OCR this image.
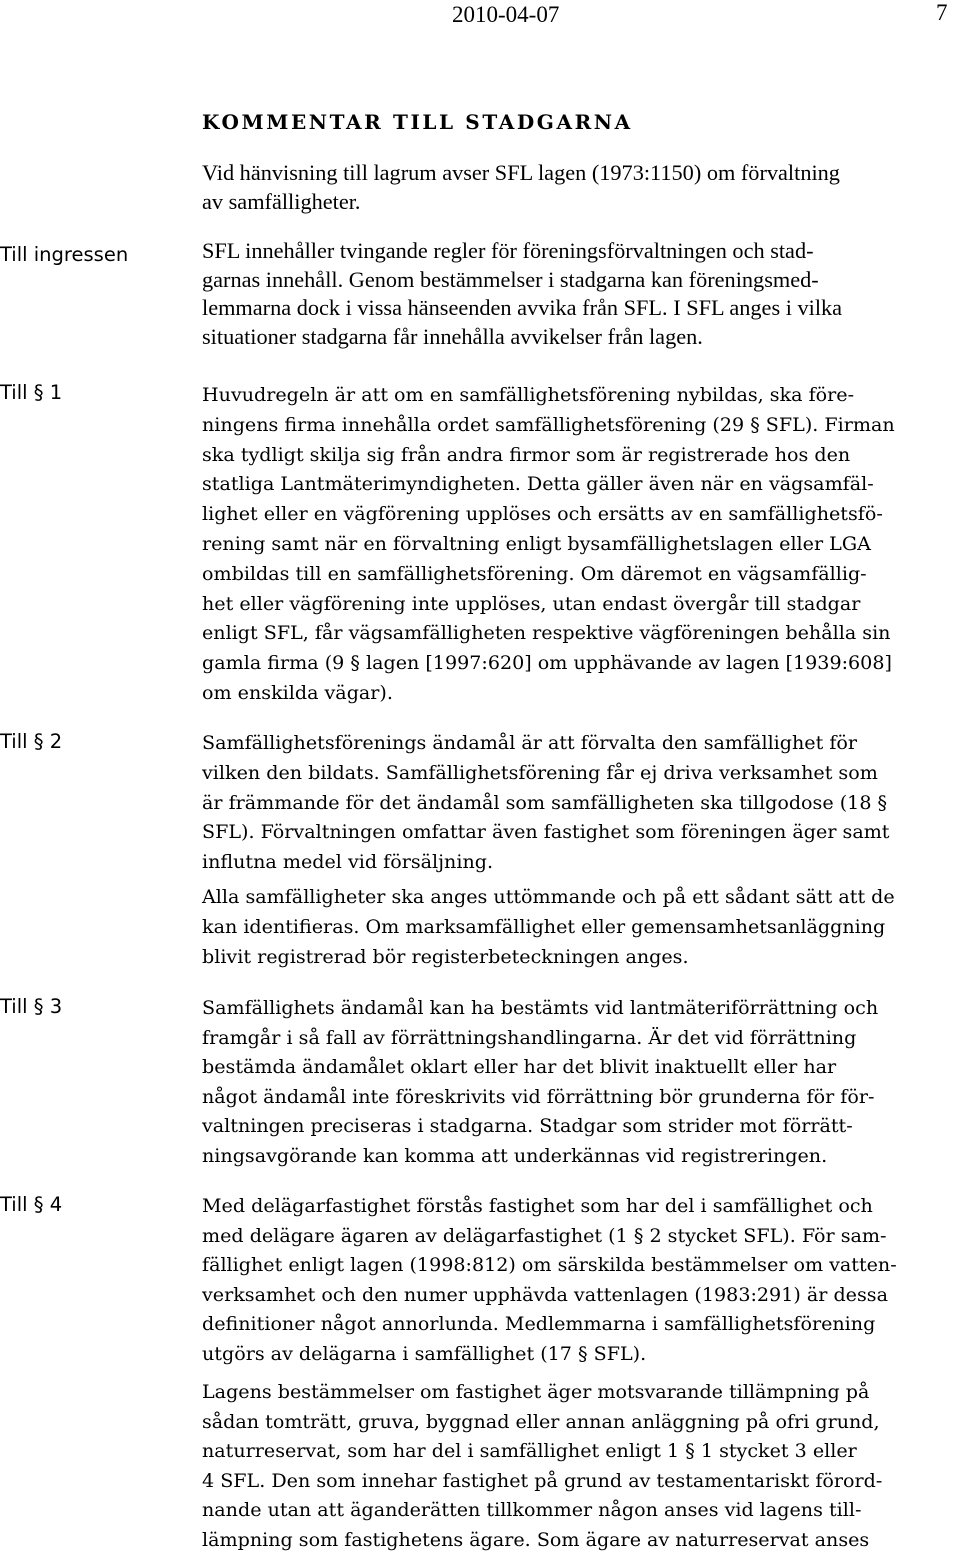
2010-04-07	7
KOMMENTAR TILL STADGARNA
Till ingressen
Till § 1
Till § 2
Till § 3
Till § 4
Vid hänvisning till lagrum avser SFL lagen (1973:1150) om förvaltning
av samfälligheter.
SFL innehåller tvingande regler för föreningsförvaltningen och stad-
garnas innehåll. Genom bestämmelser i stadgarna kan föreningsmed-
lemmarna dock i vissa hänseenden avvika från SFL. I SFL anges i vilka
situationer stadgarna får innehålla avvikelser från lagen.
Huvudregeln är att om en samfällighetsförening nybildas, ska före-
ningens firma innehålla ordet samfällighetsförening (29 § SFL). Firman
ska tydligt skilja sig från andra firmor som är registrerade hos den
statliga Lantmäterimyndigheten. Detta gäller även när en vägsamfäl-
lighet eller en vägförening upplöses och ersätts av en samfällighetsfö-
rening samt när en förvaltning enligt bysamfällighetslagen eller LGA
ombildas till en samfällighetsförening. Om däremot en vägsamfällig-
het eller vägförening inte upplöses, utan endast övergår till stadgar
enligt SFL, får vägsamfälligheten respektive vägföreningen behålla sin
gamla firma (9 § lagen [1997:620] om upphävande av lagen [1939:608]
om enskilda vägar).
Samfällighetsförenings ändamål är att förvalta den samfällighet för
vilken den bildats. Samfällighetsförening får ej driva verksamhet som
är främmande för det ändamål som samfälligheten ska tillgodose (18 §
SFL). Förvaltningen omfattar även fastighet som föreningen äger samt
influtna medel vid försäljning.
Alla samfälligheter ska anges uttömmande och på ett sådant sätt att de
kan identifieras. Om marksamfällighet eller gemensamhetsanläggning
blivit registrerad bör registerbeteckningen anges.
Samfällighets ändamål kan ha bestämts vid lantmäteriförrättning och
framgår i så fall av förrättningshandlingarna. Är det vid förrättning
bestämda ändamålet oklart eller har det blivit inaktuellt eller har
något ändamål inte föreskrivits vid förrättning bör grunderna för för-
valtningen preciseras i stadgarna. Stadgar som strider mot förrätt-
ningsavgörande kan komma att underkännas vid registreringen.
Med delägarfastighet förstås fastighet som har del i samfällighet och
med delägare ägaren av delägarfastighet (1 § 2 stycket SFL). För sam-
fällighet enligt lagen (1998:812) om särskilda bestämmelser om vatten-
verksamhet och den numer upphävda vattenlagen (1983:291) är dessa
definitioner något annorlunda. Medlemmarna i samfällighetsförening
utgörs av delägarna i samfällighet (17 § SFL).
Lagens bestämmelser om fastighet äger motsvarande tillämpning på
sådan tomträtt, gruva, byggnad eller annan anläggning på ofri grund,
naturreservat, som har del i samfällighet enligt 1 § 1 stycket 3 eller
4 SFL. Den som innehar fastighet på grund av testamentariskt förord-
nande utan att äganderätten tillkommer någon anses vid lagens till-
lämpning som fastighetens ägare. Som ägare av naturreservat anses
